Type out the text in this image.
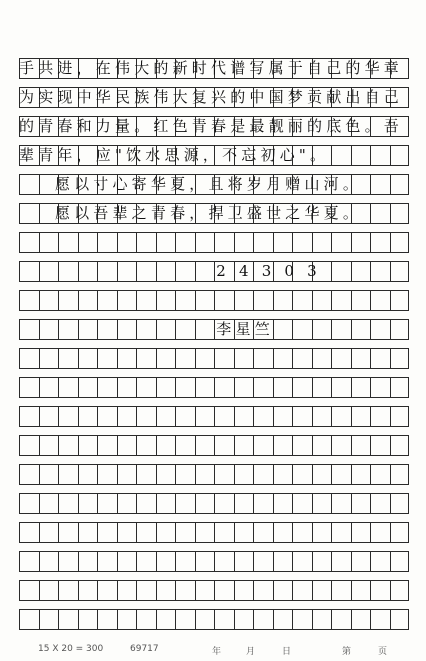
手共进，在伟大的新时代谱写属于自己的华章
为实现中华民族伟大复兴的中国梦贡献出自己
的青春和力量。红色青春是最靓丽的底色。吾
辈青年，应"饮水思源，不忘初心"。
愿以寸心寄华夏，且将岁月赠山河。
愿以吾辈之青春，捍卫盛世之华夏。
2 4 3 0 3
李星竺
15 X 20 = 300	69717	年	月	日	第	页
